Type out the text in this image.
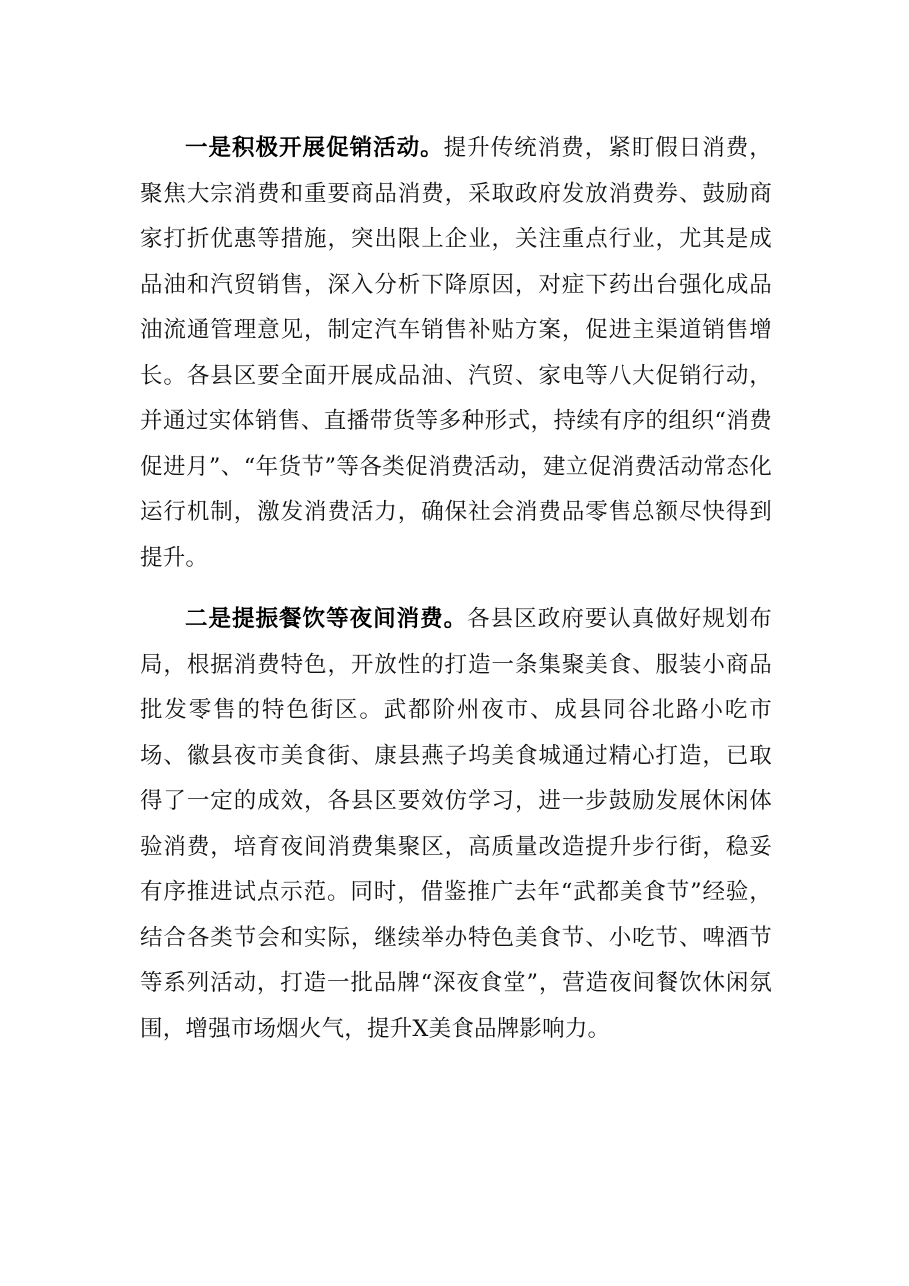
一是积极开展促销活动。提升传统消费，紧盯假日消费，聚焦大宗消费和重要商品消费，采取政府发放消费券、鼓励商家打折优惠等措施，突出限上企业，关注重点行业，尤其是成品油和汽贸销售，深入分析下降原因，对症下药出台强化成品油流通管理意见，制定汽车销售补贴方案，促进主渠道销售增长。各县区要全面开展成品油、汽贸、家电等八大促销行动，并通过实体销售、直播带货等多种形式，持续有序的组织“消费促进月”、“年货节”等各类促消费活动，建立促消费活动常态化运行机制，激发消费活力，确保社会消费品零售总额尽快得到提升。

二是提振餐饮等夜间消费。各县区政府要认真做好规划布局，根据消费特色，开放性的打造一条集聚美食、服装小商品批发零售的特色街区。武都阶州夜市、成县同谷北路小吃市场、徽县夜市美食街、康县燕子坞美食城通过精心打造，已取得了一定的成效，各县区要效仿学习，进一步鼓励发展休闲体验消费，培育夜间消费集聚区，高质量改造提升步行街，稳妥有序推进试点示范。同时，借鉴推广去年“武都美食节”经验，结合各类节会和实际，继续举办特色美食节、小吃节、啤酒节等系列活动，打造一批品牌“深夜食堂”，营造夜间餐饮休闲氛围，增强市场烟火气，提升X美食品牌影响力。
